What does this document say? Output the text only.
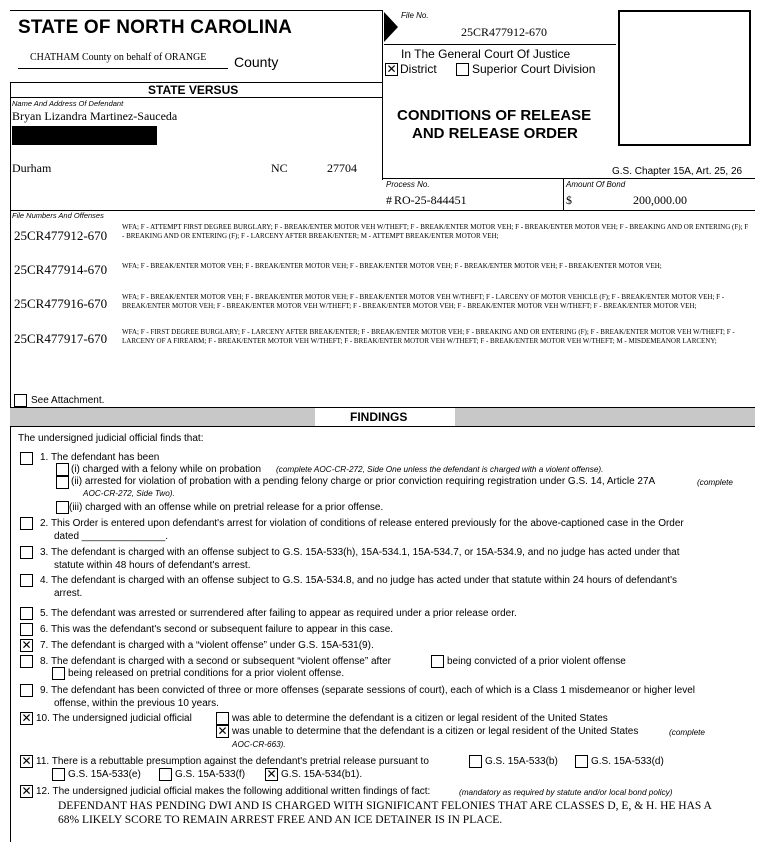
STATE OF NORTH CAROLINA
CHATHAM County on behalf of ORANGE County
File No.
25CR477912-670
In The General Court Of Justice
✕ District	Superior Court Division
STATE VERSUS
Name And Address Of Defendant
Bryan Lizandra Martinez-Sauceda
Durham	NC	27704
CONDITIONS OF RELEASE
AND RELEASE ORDER
G.S. Chapter 15A, Art. 25, 26
Process No.
# RO-25-844451
Amount Of Bond
$	200,000.00
File Numbers And Offenses
25CR477912-670
WFA; F - ATTEMPT FIRST DEGREE BURGLARY; F - BREAK/ENTER MOTOR VEH W/THEFT; F - BREAK/ENTER MOTOR VEH; F - BREAK/ENTER MOTOR VEH; F - BREAKING AND OR ENTERING (F); F - BREAKING AND OR ENTERING (F); F - LARCENY AFTER BREAK/ENTER; M - ATTEMPT BREAK/ENTER MOTOR VEH;
25CR477914-670 WFA; F - BREAK/ENTER MOTOR VEH; F - BREAK/ENTER MOTOR VEH; F - BREAK/ENTER MOTOR VEH; F - BREAK/ENTER MOTOR VEH; F - BREAK/ENTER MOTOR VEH;
25CR477916-670 WFA; F - BREAK/ENTER MOTOR VEH; F - BREAK/ENTER MOTOR VEH; F - BREAK/ENTER MOTOR VEH W/THEFT; F - LARCENY OF MOTOR VEHICLE (F); F - BREAK/ENTER MOTOR VEH; F - BREAK/ENTER MOTOR VEH; F - BREAK/ENTER MOTOR VEH W/THEFT; F - BREAK/ENTER MOTOR VEH; F - BREAK/ENTER MOTOR VEH W/THEFT; F - BREAK/ENTER MOTOR VEH;
25CR477917-670 WFA; F - FIRST DEGREE BURGLARY; F - LARCENY AFTER BREAK/ENTER; F - BREAK/ENTER MOTOR VEH; F - BREAKING AND OR ENTERING (F); F - BREAK/ENTER MOTOR VEH W/THEFT; F - LARCENY OF A FIREARM; F - BREAK/ENTER MOTOR VEH W/THEFT; F - BREAK/ENTER MOTOR VEH W/THEFT; F - BREAK/ENTER MOTOR VEH W/THEFT; M - MISDEMEANOR LARCENY;
See Attachment.
FINDINGS
The undersigned judicial official finds that:
1. The defendant has been
(i) charged with a felony while on probation (complete AOC-CR-272, Side One unless the defendant is charged with a violent offense).
(ii) arrested for violation of probation with a pending felony charge or prior conviction requiring registration under G.S. 14, Article 27A	(complete
AOC-CR-272, Side Two).
(iii) charged with an offense while on pretrial release for a prior offense.
2. This Order is entered upon defendant's arrest for violation of conditions of release entered previously for the above-captioned case in the Order
dated _______________.
3. The defendant is charged with an offense subject to G.S. 15A-533(h), 15A-534.1, 15A-534.7, or 15A-534.9, and no judge has acted under that
statute within 48 hours of defendant's arrest.
4. The defendant is charged with an offense subject to G.S. 15A-534.8, and no judge has acted under that statute within 24 hours of defendant's
arrest.
5. The defendant was arrested or surrendered after failing to appear as required under a prior release order.
6. This was the defendant's second or subsequent failure to appear in this case.
✕ 7. The defendant is charged with a “violent offense” under G.S. 15A-531(9).
8. The defendant is charged with a second or subsequent “violent offense” after	being convicted of a prior violent offense
being released on pretrial conditions for a prior violent offense.
9. The defendant has been convicted of three or more offenses (separate sessions of court), each of which is a Class 1 misdemeanor or higher level
offense, within the previous 10 years.
✕ 10. The undersigned judicial official	was able to determine the defendant is a citizen or legal resident of the United States
✕ was unable to determine that the defendant is a citizen or legal resident of the United States	(complete
AOC-CR-663).
✕ 11. There is a rebuttable presumption against the defendant's pretrial release pursuant to	G.S. 15A-533(b)	G.S. 15A-533(d)
G.S. 15A-533(e)	G.S. 15A-533(f) ✕ G.S. 15A-534(b1).
✕ 12. The undersigned judicial official makes the following additional written findings of fact:	(mandatory as required by statute and/or local bond policy)
DEFENDANT HAS PENDING DWI AND IS CHARGED WITH SIGNIFICANT FELONIES THAT ARE CLASSES D, E, & H. HE HAS A
68% LIKELY SCORE TO REMAIN ARREST FREE AND AN ICE DETAINER IS IN PLACE.
